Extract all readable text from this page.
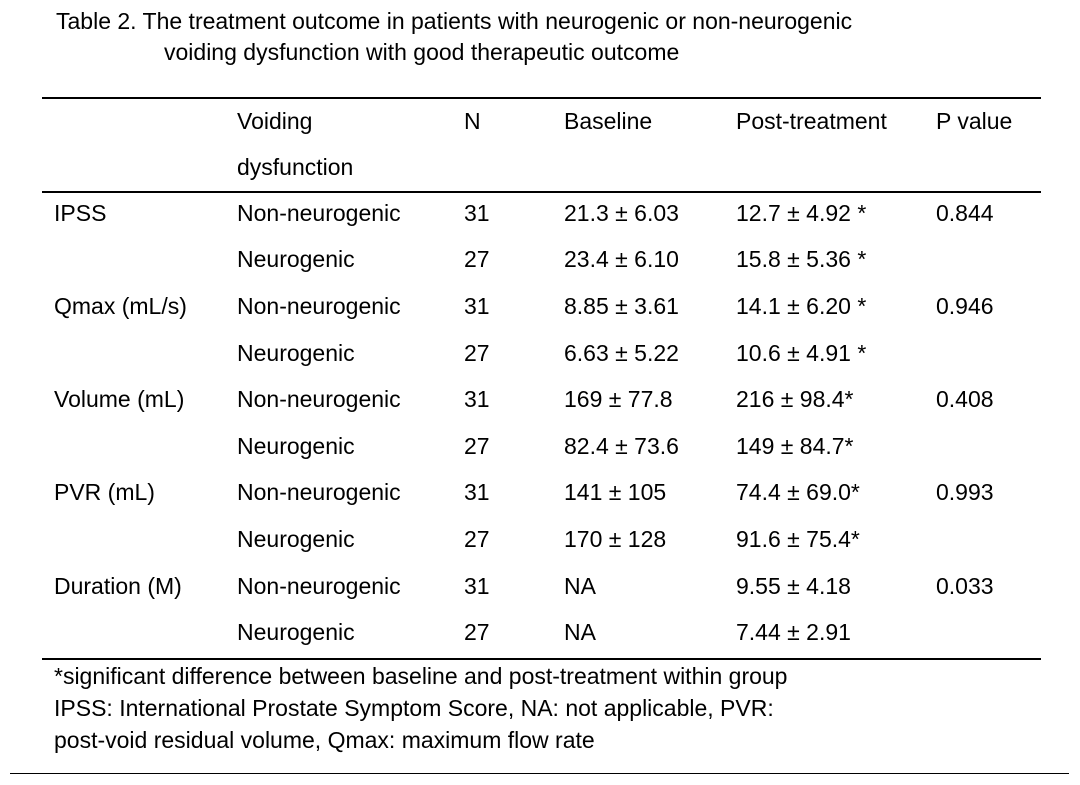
Table 2. The treatment outcome in patients with neurogenic or non-neurogenic
voiding dysfunction with good therapeutic outcome
	Voiding	N	Baseline	Post-treatment	P value
	dysfunction				
IPSS	Non-neurogenic	31	21.3 ± 6.03	12.7 ± 4.92 *	0.844
	Neurogenic	27	23.4 ± 6.10	15.8 ± 5.36 *	
Qmax (mL/s)	Non-neurogenic	31	8.85 ± 3.61	14.1 ± 6.20 *	0.946
	Neurogenic	27	6.63 ± 5.22	10.6 ± 4.91 *	
Volume (mL)	Non-neurogenic	31	169 ± 77.8	216 ± 98.4*	0.408
	Neurogenic	27	82.4 ± 73.6	149 ± 84.7*	
PVR (mL)	Non-neurogenic	31	141 ± 105	74.4 ± 69.0*	0.993
	Neurogenic	27	170 ± 128	91.6 ± 75.4*	
Duration (M)	Non-neurogenic	31	NA	9.55 ± 4.18	0.033
	Neurogenic	27	NA	7.44 ± 2.91	
*significant difference between baseline and post-treatment within group
IPSS: International Prostate Symptom Score, NA: not applicable, PVR:
post-void residual volume, Qmax: maximum flow rate
